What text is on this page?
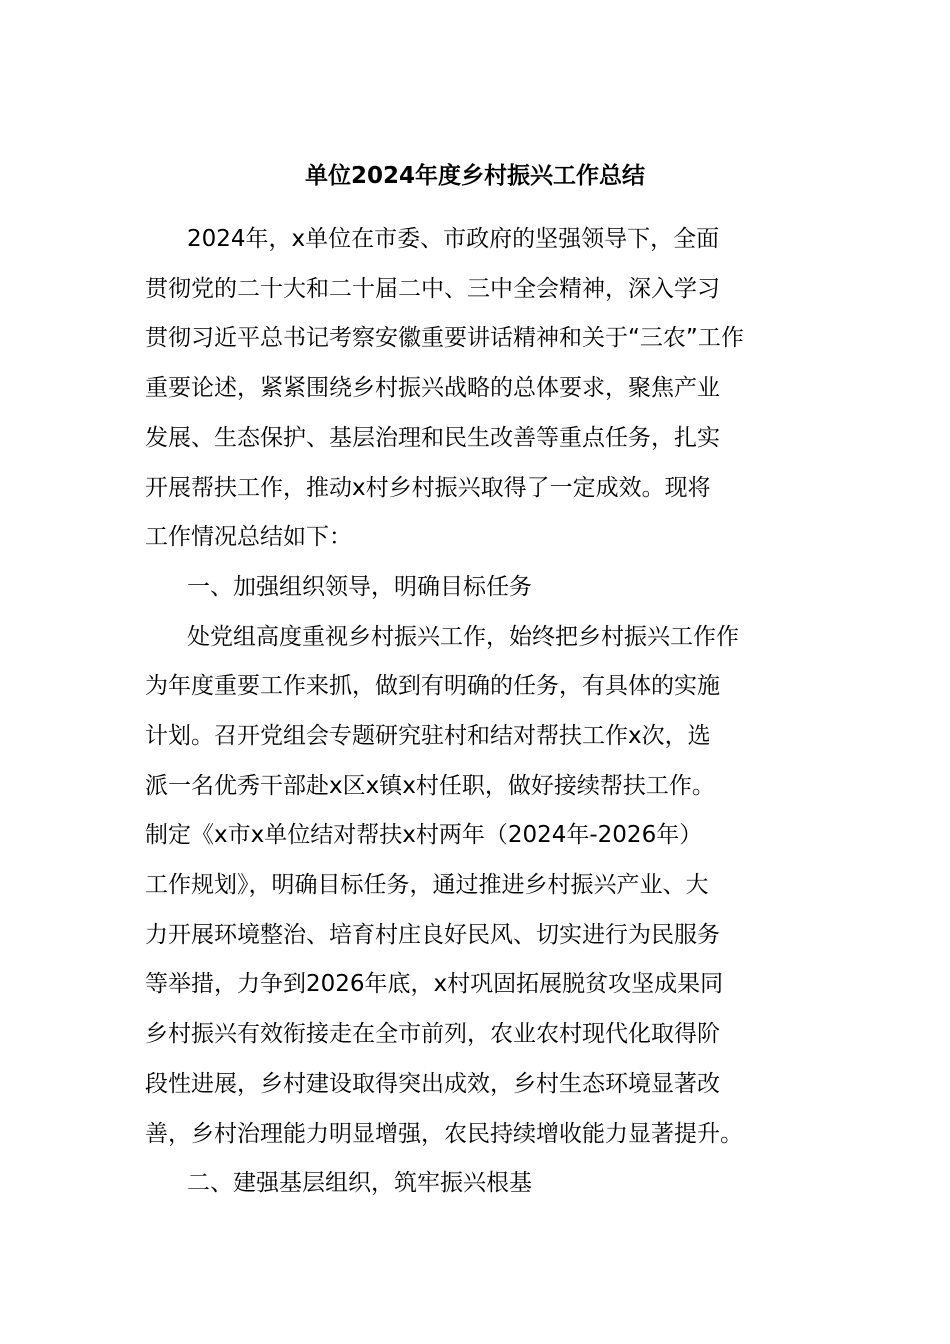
单位2024年度乡村振兴工作总结

2024年，x单位在市委、市政府的坚强领导下，全面

贯彻党的二十大和二十届二中、三中全会精神，深入学习

贯彻习近平总书记考察安徽重要讲话精神和关于“三农”工作

重要论述，紧紧围绕乡村振兴战略的总体要求，聚焦产业

发展、生态保护、基层治理和民生改善等重点任务，扎实

开展帮扶工作，推动x村乡村振兴取得了一定成效。现将

工作情况总结如下：

一、加强组织领导，明确目标任务

处党组高度重视乡村振兴工作，始终把乡村振兴工作作

为年度重要工作来抓，做到有明确的任务，有具体的实施

计划。召开党组会专题研究驻村和结对帮扶工作x次，选

派一名优秀干部赴x区x镇x村任职，做好接续帮扶工作。

制定《x市x单位结对帮扶x村两年（2024年-2026年）

工作规划》，明确目标任务，通过推进乡村振兴产业、大

力开展环境整治、培育村庄良好民风、切实进行为民服务

等举措，力争到2026年底，x村巩固拓展脱贫攻坚成果同

乡村振兴有效衔接走在全市前列，农业农村现代化取得阶

段性进展，乡村建设取得突出成效，乡村生态环境显著改

善，乡村治理能力明显增强，农民持续增收能力显著提升。

二、建强基层组织，筑牢振兴根基
